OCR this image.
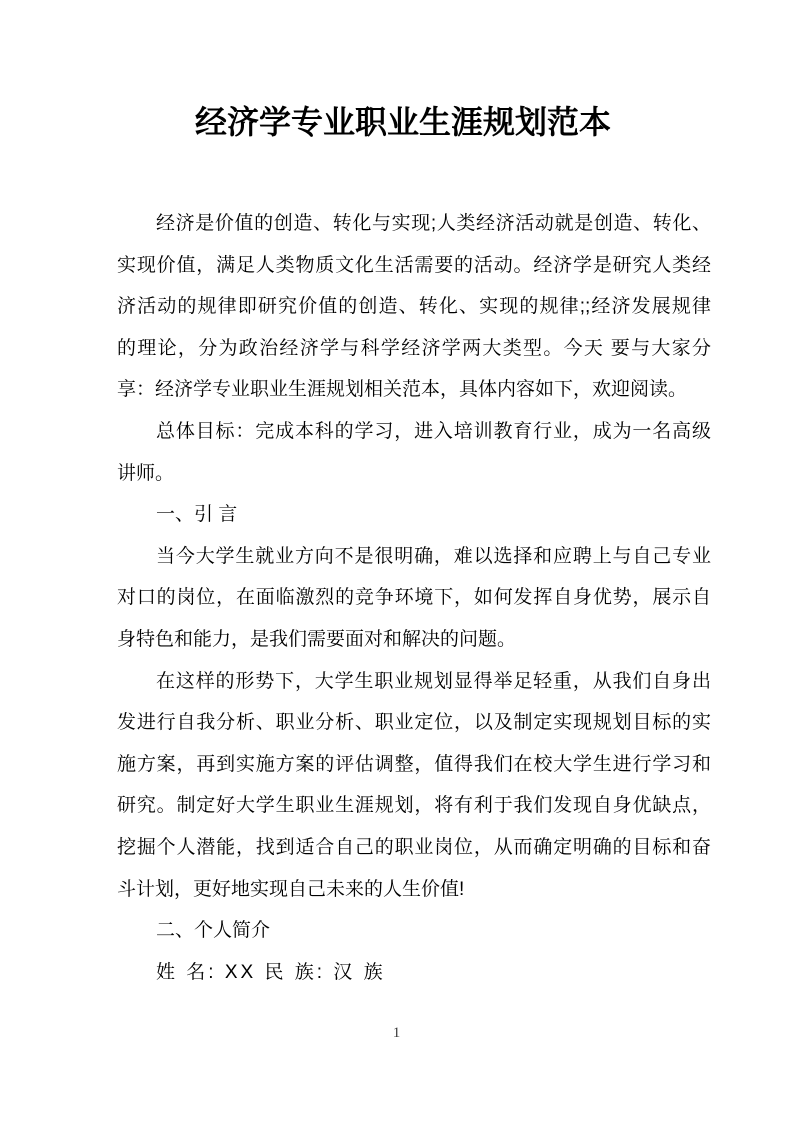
经济学专业职业生涯规划范本
经济是价值的创造、转化与实现;人类经济活动就是创造、转化、
实现价值，满足人类物质文化生活需要的活动。经济学是研究人类经
济活动的规律即研究价值的创造、转化、实现的规律;;经济发展规律
的理论，分为政治经济学与科学经济学两大类型。今天 要与大家分
享：经济学专业职业生涯规划相关范本，具体内容如下，欢迎阅读。
总体目标：完成本科的学习，进入培训教育行业，成为一名高级
讲师。
一、引 言
当今大学生就业方向不是很明确，难以选择和应聘上与自己专业
对口的岗位，在面临激烈的竞争环境下，如何发挥自身优势，展示自
身特色和能力，是我们需要面对和解决的问题。
在这样的形势下，大学生职业规划显得举足轻重，从我们自身出
发进行自我分析、职业分析、职业定位，以及制定实现规划目标的实
施方案，再到实施方案的评估调整，值得我们在校大学生进行学习和
研究。制定好大学生职业生涯规划，将有利于我们发现自身优缺点，
挖掘个人潜能，找到适合自己的职业岗位，从而确定明确的目标和奋
斗计划，更好地实现自己未来的人生价值!
二、个人简介
姓 名: XX 民 族: 汉 族
1
